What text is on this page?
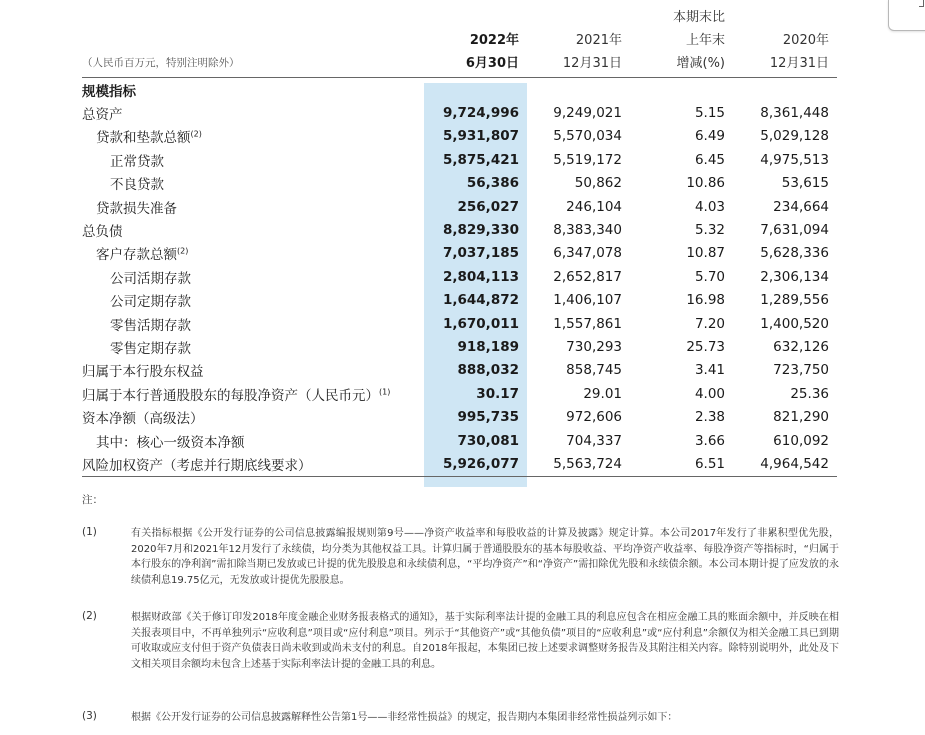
			本期末比	
	2022年	2021年	上年末	2020年
（人民币百万元，特别注明除外）	6月30日	12月31日	增减(%)	12月31日
规模指标				
总资产	9,724,996	9,249,021	5.15	8,361,448
贷款和垫款总额$^{(2)}$	5,931,807	5,570,034	6.49	5,029,128
正常贷款	5,875,421	5,519,172	6.45	4,975,513
不良贷款	56,386	50,862	10.86	53,615
贷款损失准备	256,027	246,104	4.03	234,664
总负债	8,829,330	8,383,340	5.32	7,631,094
客户存款总额$^{(2)}$	7,037,185	6,347,078	10.87	5,628,336
公司活期存款	2,804,113	2,652,817	5.70	2,306,134
公司定期存款	1,644,872	1,406,107	16.98	1,289,556
零售活期存款	1,670,011	1,557,861	7.20	1,400,520
零售定期存款	918,189	730,293	25.73	632,126
归属于本行股东权益	888,032	858,745	3.41	723,750
归属于本行普通股股东的每股净资产（人民币元）$^{(1)}$	30.17	29.01	4.00	25.36
资本净额（高级法）	995,735	972,606	2.38	821,290
其中：核心一级资本净额	730,081	704,337	3.66	610,092
风险加权资产（考虑并行期底线要求）	5,926,077	5,563,724	6.51	4,964,542
注：
(1)	有关指标根据《公开发行证券的公司信息披露编报规则第9号——净资产收益率和每股收益的计算及披露》规定计算。本公司2017年发行了非累积型优先股，2020年7月和2021年12月发行了永续债，均分类为其他权益工具。计算归属于普通股股东的基本每股收益、平均净资产收益率、每股净资产等指标时，“归属于本行股东的净利润”需扣除当期已发放或已计提的优先股股息和永续债利息，“平均净资产”和“净资产”需扣除优先股和永续债余额。本公司本期计提了应发放的永续债利息19.75亿元，无发放或计提优先股股息。
(2)	根据财政部《关于修订印发2018年度金融企业财务报表格式的通知》，基于实际利率法计提的金融工具的利息应包含在相应金融工具的账面余额中，并反映在相关报表项目中，不再单独列示“应收利息”项目或“应付利息”项目。列示于“其他资产”或“其他负债”项目的“应收利息”或“应付利息”余额仅为相关金融工具已到期可收取或应支付但于资产负债表日尚未收到或尚未支付的利息。自2018年报起，本集团已按上述要求调整财务报告及其附注相关内容。除特别说明外，此处及下文相关项目余额均未包含上述基于实际利率法计提的金融工具的利息。
(3)	根据《公开发行证券的公司信息披露解释性公告第1号——非经常性损益》的规定，报告期内本集团非经常性损益列示如下：
